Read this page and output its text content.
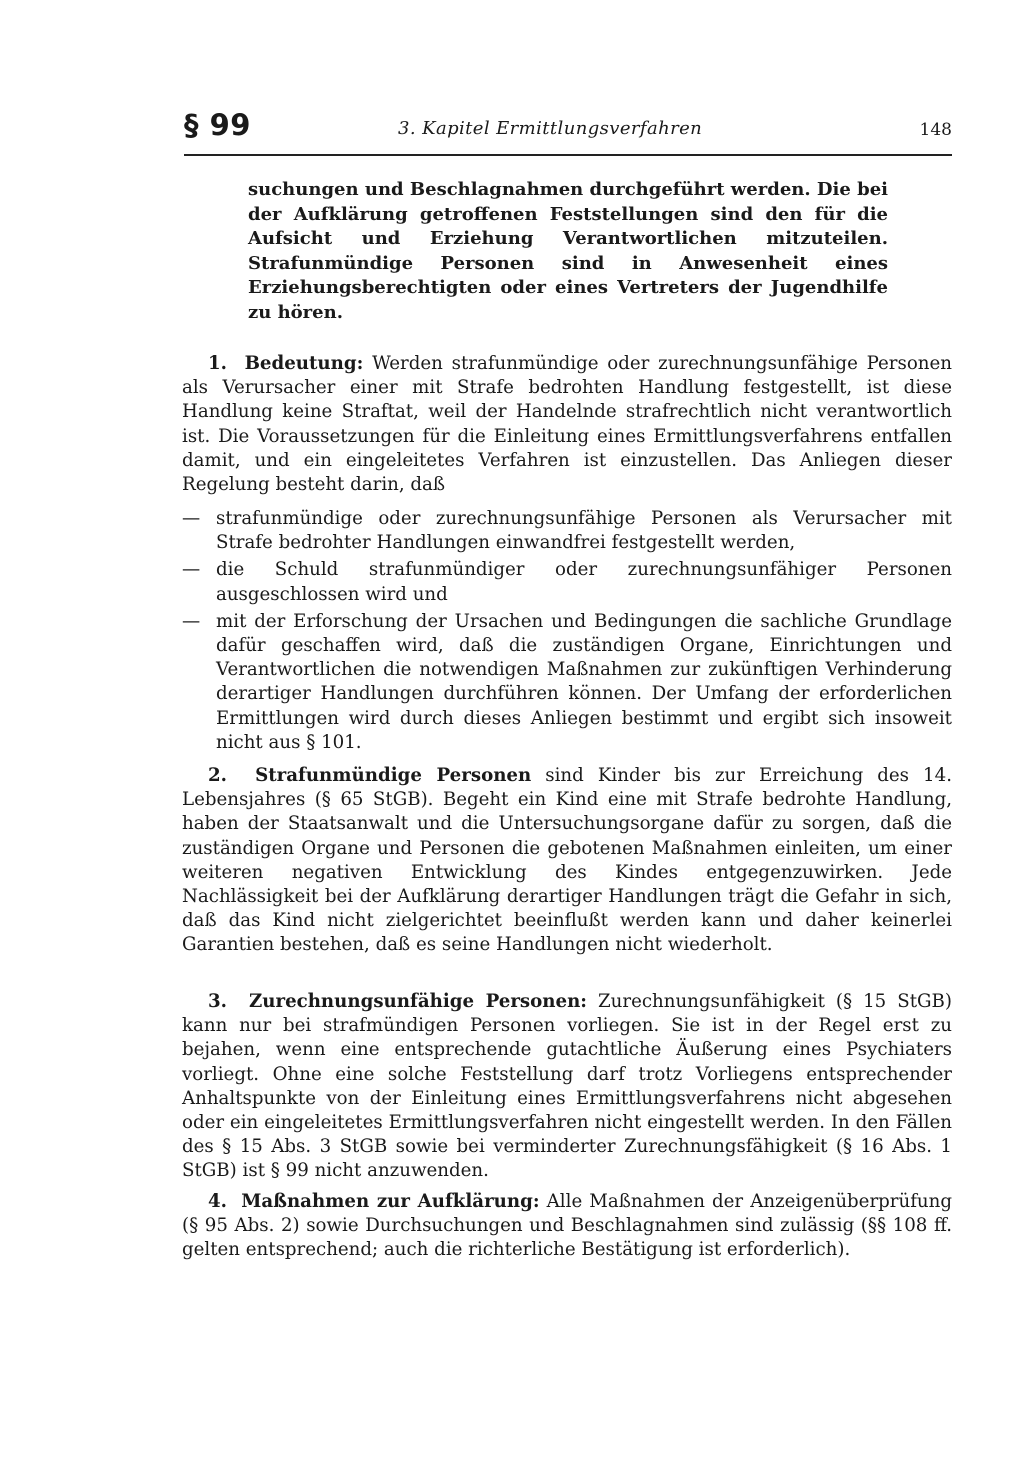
§ 99	3. Kapitel Ermittlungsverfahren	148

suchungen und Beschlagnahmen durchgeführt werden. Die bei der Aufklärung getroffenen Feststellungen sind den für die Aufsicht und Erziehung Verantwortlichen mitzuteilen. Strafunmündige Personen sind in Anwesenheit eines Erziehungsberechtigten oder eines Vertreters der Jugendhilfe zu hören.

1. Bedeutung: Werden strafunmündige oder zurechnungsunfähige Personen als Verursacher einer mit Strafe bedrohten Handlung festgestellt, ist diese Handlung keine Straftat, weil der Handelnde strafrechtlich nicht verantwortlich ist. Die Voraussetzungen für die Einleitung eines Ermittlungsverfahrens entfallen damit, und ein eingeleitetes Verfahren ist einzustellen. Das Anliegen dieser Regelung besteht darin, daß

— strafunmündige oder zurechnungsunfähige Personen als Verursacher mit Strafe bedrohter Handlungen einwandfrei festgestellt werden,
— die Schuld strafunmündiger oder zurechnungsunfähiger Personen ausgeschlossen wird und
— mit der Erforschung der Ursachen und Bedingungen die sachliche Grundlage dafür geschaffen wird, daß die zuständigen Organe, Einrichtungen und Verantwortlichen die notwendigen Maßnahmen zur zukünftigen Verhinderung derartiger Handlungen durchführen können. Der Umfang der erforderlichen Ermittlungen wird durch dieses Anliegen bestimmt und ergibt sich insoweit nicht aus § 101.

2. Strafunmündige Personen sind Kinder bis zur Erreichung des 14. Lebensjahres (§ 65 StGB). Begeht ein Kind eine mit Strafe bedrohte Handlung, haben der Staatsanwalt und die Untersuchungsorgane dafür zu sorgen, daß die zuständigen Organe und Personen die gebotenen Maßnahmen einleiten, um einer weiteren negativen Entwicklung des Kindes entgegenzuwirken. Jede Nachlässigkeit bei der Aufklärung derartiger Handlungen trägt die Gefahr in sich, daß das Kind nicht zielgerichtet beeinflußt werden kann und daher keinerlei Garantien bestehen, daß es seine Handlungen nicht wiederholt.

3. Zurechnungsunfähige Personen: Zurechnungsunfähigkeit (§ 15 StGB) kann nur bei strafmündigen Personen vorliegen. Sie ist in der Regel erst zu bejahen, wenn eine entsprechende gutachtliche Äußerung eines Psychiaters vorliegt. Ohne eine solche Feststellung darf trotz Vorliegens entsprechender Anhaltspunkte von der Einleitung eines Ermittlungsverfahrens nicht abgesehen oder ein eingeleitetes Ermittlungsverfahren nicht eingestellt werden. In den Fällen des § 15 Abs. 3 StGB sowie bei verminderter Zurechnungsfähigkeit (§ 16 Abs. 1 StGB) ist § 99 nicht anzuwenden.

4. Maßnahmen zur Aufklärung: Alle Maßnahmen der Anzeigenüberprüfung (§ 95 Abs. 2) sowie Durchsuchungen und Beschlagnahmen sind zulässig (§§ 108 ff. gelten entsprechend; auch die richterliche Bestätigung ist erforderlich).
